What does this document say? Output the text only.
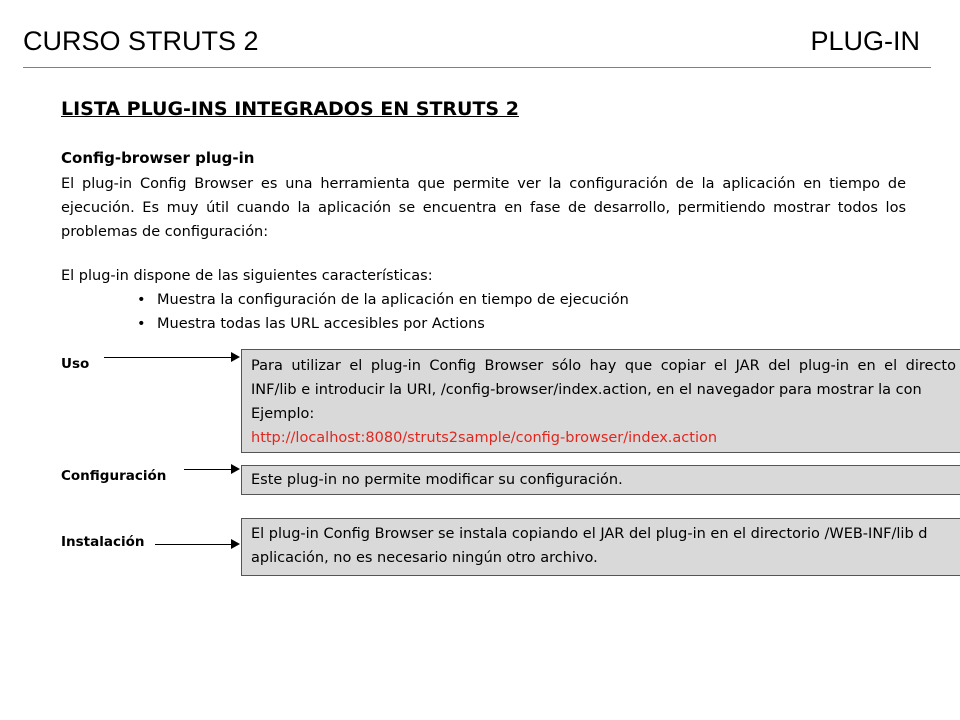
CURSO STRUTS 2	PLUG-IN
LISTA PLUG-INS INTEGRADOS EN STRUTS 2
Config-browser plug-in

El plug-in Config Browser es una herramienta que permite ver la configuración de la aplicación en tiempo de ejecución. Es muy útil cuando la aplicación se encuentra en fase de desarrollo, permitiendo mostrar todos los problemas de configuración:

El plug-in dispone de las siguientes características:
• Muestra la configuración de la aplicación en tiempo de ejecución
• Muestra todas las URL accesibles por Actions
Uso	Para utilizar el plug-in Config Browser sólo hay que copiar el JAR del plug-in en el directo
INF/lib e introducir la URI, /config-browser/index.action, en el navegador para mostrar la con
Ejemplo:
http://localhost:8080/struts2sample/config-browser/index.action
Configuración	Este plug-in no permite modificar su configuración.
Instalación	El plug-in Config Browser se instala copiando el JAR del plug-in en el directorio /WEB-INF/lib d
aplicación, no es necesario ningún otro archivo.
